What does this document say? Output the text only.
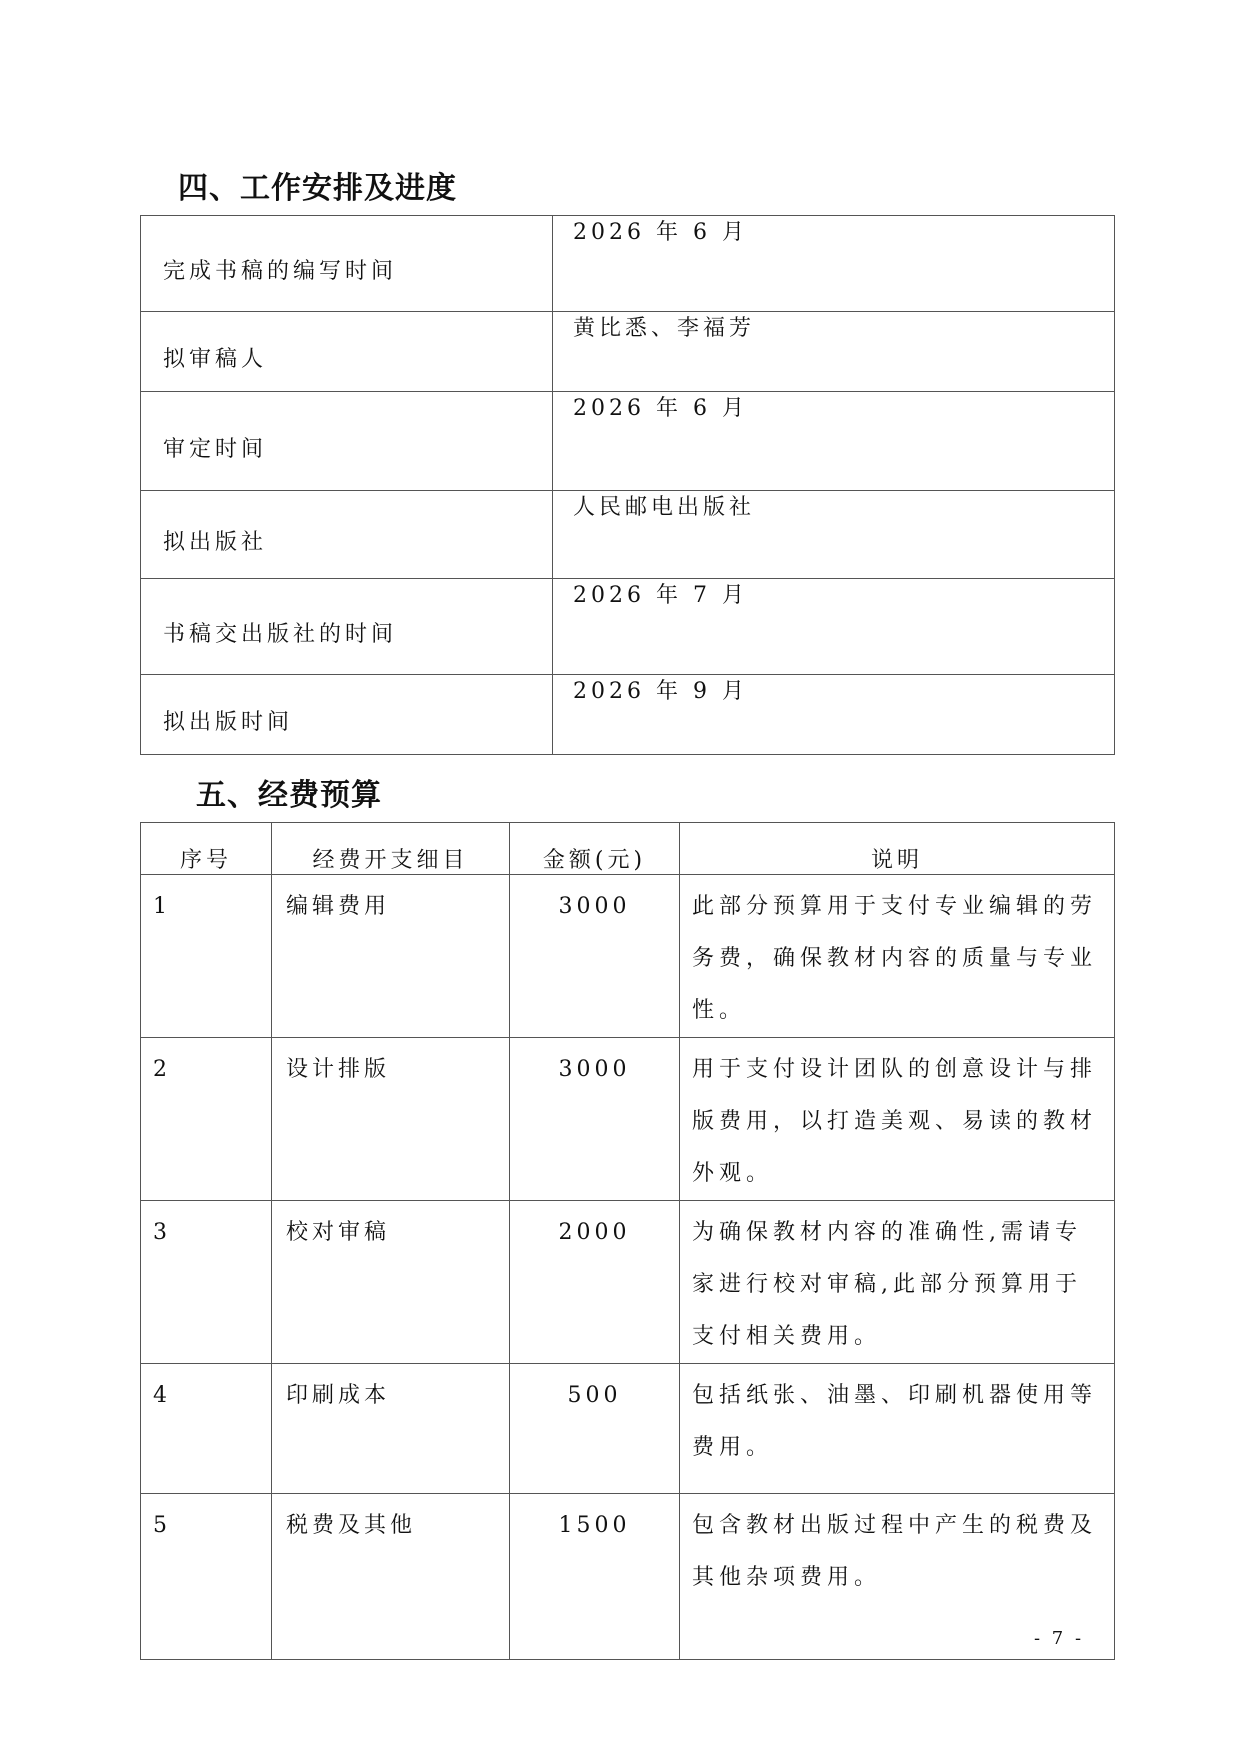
四、工作安排及进度
完成书稿的编写时间	2026 年 6 月
拟审稿人	黄比悉、李福芳
审定时间	2026 年 6 月
拟出版社	人民邮电出版社
书稿交出版社的时间	2026 年 7 月
拟出版时间	2026 年 9 月
五、经费预算
序号	经费开支细目	金额(元)	说明
1	编辑费用	3000	此部分预算用于支付专业编辑的劳务费，确保教材内容的质量与专业性。
2	设计排版	3000	用于支付设计团队的创意设计与排版费用，以打造美观、易读的教材外观。
3	校对审稿	2000	为确保教材内容的准确性,需请专家进行校对审稿,此部分预算用于支付相关费用。
4	印刷成本	500	包括纸张、油墨、印刷机器使用等费用。
5	税费及其他	1500	包含教材出版过程中产生的税费及其他杂项费用。
- 7 -
